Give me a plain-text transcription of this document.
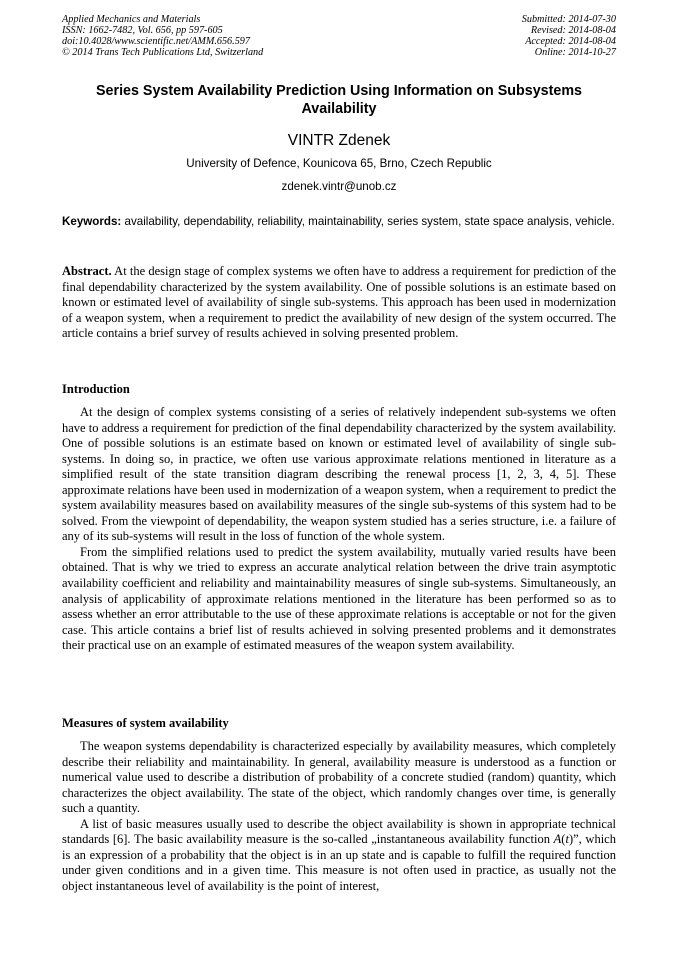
Applied Mechanics and Materials
ISSN: 1662-7482, Vol. 656, pp 597-605
doi:10.4028/www.scientific.net/AMM.656.597
© 2014 Trans Tech Publications Ltd, Switzerland
Submitted: 2014-07-30
Revised: 2014-08-04
Accepted: 2014-08-04
Online: 2014-10-27
Series System Availability Prediction Using Information on Subsystems Availability
VINTR Zdenek
University of Defence, Kounicova 65, Brno, Czech Republic
zdenek.vintr@unob.cz
Keywords: availability, dependability, reliability, maintainability, series system, state space analysis, vehicle.
Abstract. At the design stage of complex systems we often have to address a requirement for prediction of the final dependability characterized by the system availability. One of possible solutions is an estimate based on known or estimated level of availability of single sub-systems. This approach has been used in modernization of a weapon system, when a requirement to predict the availability of new design of the system occurred. The article contains a brief survey of results achieved in solving presented problem.
Introduction

At the design of complex systems consisting of a series of relatively independent sub-systems we often have to address a requirement for prediction of the final dependability characterized by the system availability. One of possible solutions is an estimate based on known or estimated level of availability of single sub-systems. In doing so, in practice, we often use various approximate relations mentioned in literature as a simplified result of the state transition diagram describing the renewal process [1, 2, 3, 4, 5]. These approximate relations have been used in modernization of a weapon system, when a requirement to predict the system availability measures based on availability measures of the single sub-systems of this system had to be solved. From the viewpoint of dependability, the weapon system studied has a series structure, i.e. a failure of any of its sub-systems will result in the loss of function of the whole system.

From the simplified relations used to predict the system availability, mutually varied results have been obtained. That is why we tried to express an accurate analytical relation between the drive train asymptotic availability coefficient and reliability and maintainability measures of single sub-systems. Simultaneously, an analysis of applicability of approximate relations mentioned in the literature has been performed so as to assess whether an error attributable to the use of these approximate relations is acceptable or not for the given case. This article contains a brief list of results achieved in solving presented problems and it demonstrates their practical use on an example of estimated measures of the weapon system availability.

Measures of system availability

The weapon systems dependability is characterized especially by availability measures, which completely describe their reliability and maintainability. In general, availability measure is understood as a function or numerical value used to describe a distribution of probability of a concrete studied (random) quantity, which characterizes the object availability. The state of the object, which randomly changes over time, is generally such a quantity.

A list of basic measures usually used to describe the object availability is shown in appropriate technical standards [6]. The basic availability measure is the so-called „instantaneous availability function A(t)”, which is an expression of a probability that the object is in an up state and is capable to fulfill the required function under given conditions and in a given time. This measure is not often used in practice, as usually not the object instantaneous level of availability is the point of interest,
